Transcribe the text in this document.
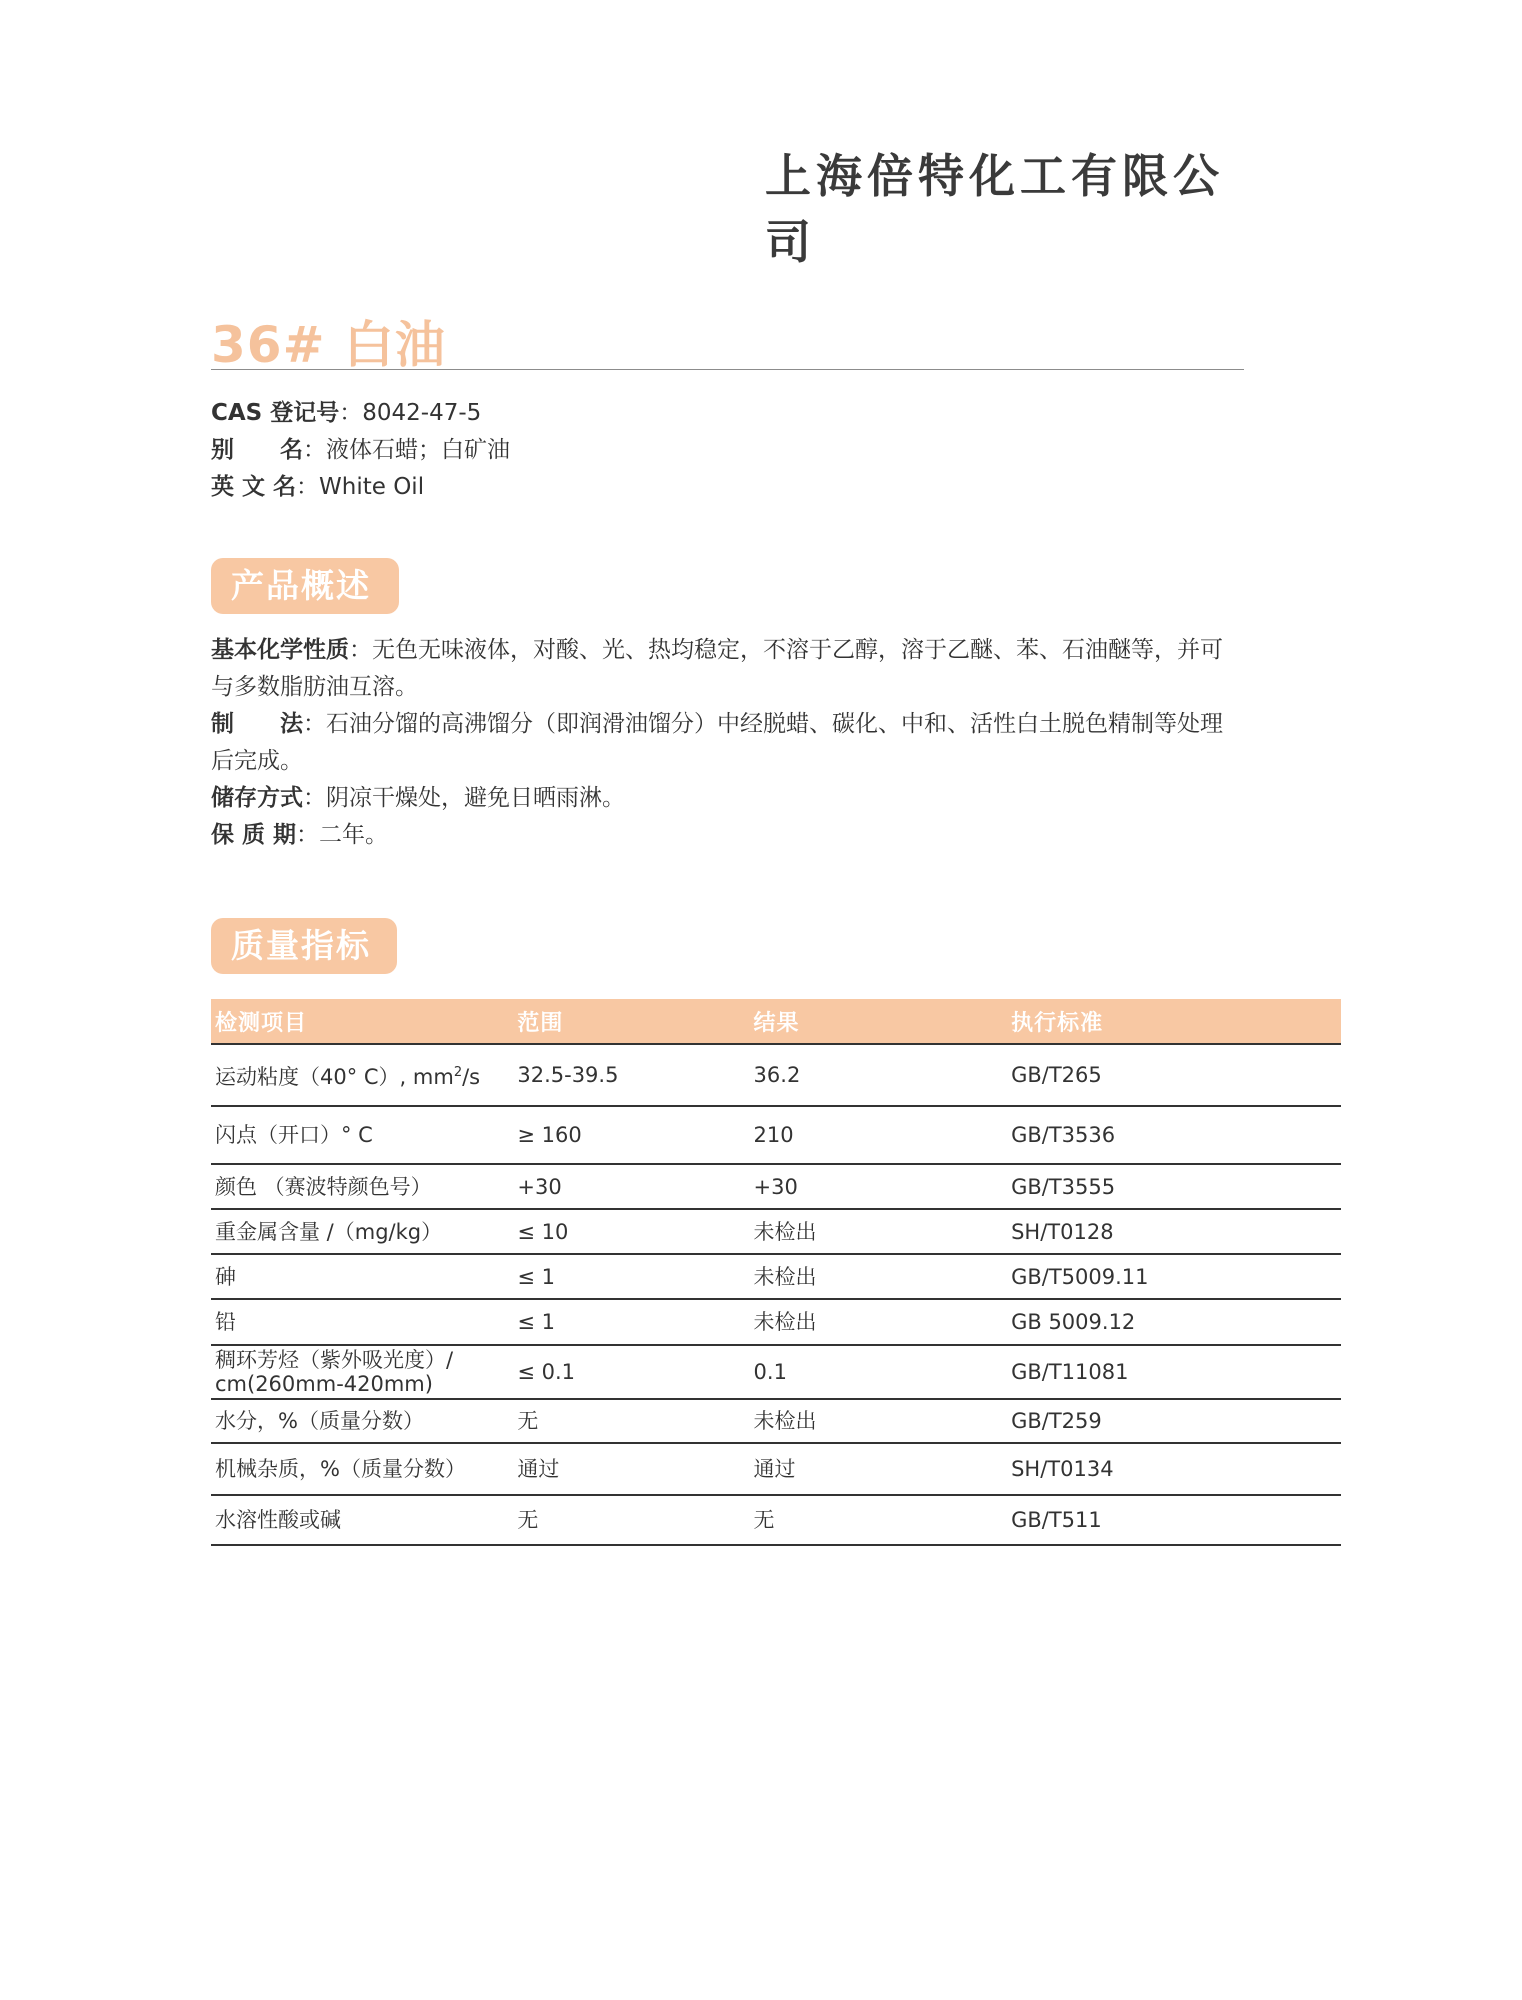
上海倍特化工有限公司
36# 白油
CAS 登记号：8042-47-5
别　　名：液体石蜡；白矿油
英 文 名：White Oil
产品概述

基本化学性质：无色无味液体，对酸、光、热均稳定，不溶于乙醇，溶于乙醚、苯、石油醚等，并可与多数脂肪油互溶。

制　　法：石油分馏的高沸馏分（即润滑油馏分）中经脱蜡、碳化、中和、活性白土脱色精制等处理后完成。

储存方式：阴凉干燥处，避免日晒雨淋。

保 质 期：二年。

质量指标
检测项目	范围	结果	执行标准
运动粘度（40° C）, $mm^2/s$	32.5-39.5	36.2	GB/T265
闪点（开口）° C	≥ 160	210	GB/T3536
颜色 （赛波特颜色号）	+30	+30	GB/T3555
重金属含量 /（mg/kg）	≤ 10	未检出	SH/T0128
砷	≤ 1	未检出	GB/T5009.11
铅	≤ 1	未检出	GB 5009.12
稠环芳烃（紫外吸光度）/ cm(260mm-420mm)	≤ 0.1	0.1	GB/T11081
水分，%（质量分数）	无	未检出	GB/T259
机械杂质，%（质量分数）	通过	通过	SH/T0134
水溶性酸或碱	无	无	GB/T511
